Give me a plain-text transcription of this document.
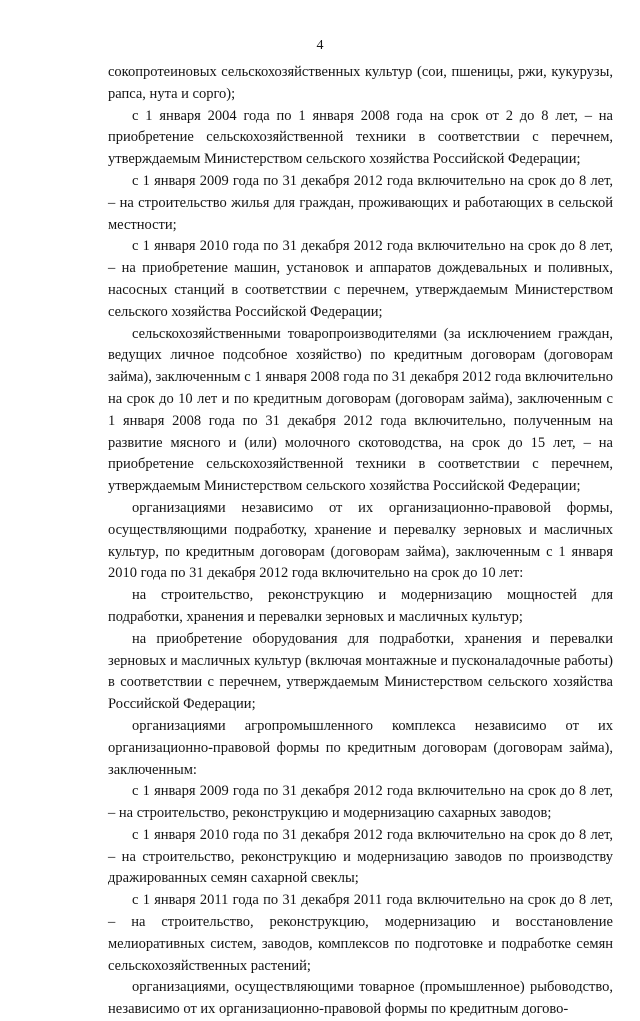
4

сокопротеиновых сельскохозяйственных культур (сои, пшеницы, ржи, кукурузы, рапса, нута и сорго);

с 1 января 2004 года по 1 января 2008 года на срок от 2 до 8 лет, – на приобретение сельскохозяйственной техники в соответствии с перечнем, утверждаемым Министерством сельского хозяйства Российской Федерации;

с 1 января 2009 года по 31 декабря 2012 года включительно на срок до 8 лет, – на строительство жилья для граждан, проживающих и работающих в сельской местности;

с 1 января 2010 года по 31 декабря 2012 года включительно на срок до 8 лет, – на приобретение машин, установок и аппаратов дождевальных и поливных, насосных станций в соответствии с перечнем, утверждаемым Министерством сельского хозяйства Российской Федерации;

сельскохозяйственными товаропроизводителями (за исключением граждан, ведущих личное подсобное хозяйство) по кредитным договорам (договорам займа), заключенным с 1 января 2008 года по 31 декабря 2012 года включительно на срок до 10 лет и по кредитным договорам (договорам займа), заключенным с 1 января 2008 года по 31 декабря 2012 года включительно, полученным на развитие мясного и (или) молочного скотоводства, на срок до 15 лет, – на приобретение сельскохозяйственной техники в соответствии с перечнем, утверждаемым Министерством сельского хозяйства Российской Федерации;

организациями независимо от их организационно-правовой формы, осуществляющими подработку, хранение и перевалку зерновых и масличных культур, по кредитным договорам (договорам займа), заключенным с 1 января 2010 года по 31 декабря 2012 года включительно на срок до 10 лет:

на строительство, реконструкцию и модернизацию мощностей для подработки, хранения и перевалки зерновых и масличных культур;

на приобретение оборудования для подработки, хранения и перевалки зерновых и масличных культур (включая монтажные и пусконаладочные работы) в соответствии с перечнем, утверждаемым Министерством сельского хозяйства Российской Федерации;

организациями агропромышленного комплекса независимо от их организационно-правовой формы по кредитным договорам (договорам займа), заключенным:

с 1 января 2009 года по 31 декабря 2012 года включительно на срок до 8 лет, – на строительство, реконструкцию и модернизацию сахарных заводов;

с 1 января 2010 года по 31 декабря 2012 года включительно на срок до 8 лет, – на строительство, реконструкцию и модернизацию заводов по производству дражированных семян сахарной свеклы;

с 1 января 2011 года по 31 декабря 2011 года включительно на срок до 8 лет, – на строительство, реконструкцию, модернизацию и восстановление мелиоративных систем, заводов, комплексов по подготовке и подработке семян сельскохозяйственных растений;

организациями, осуществляющими товарное (промышленное) рыбоводство, независимо от их организационно-правовой формы по кредитным догово-
